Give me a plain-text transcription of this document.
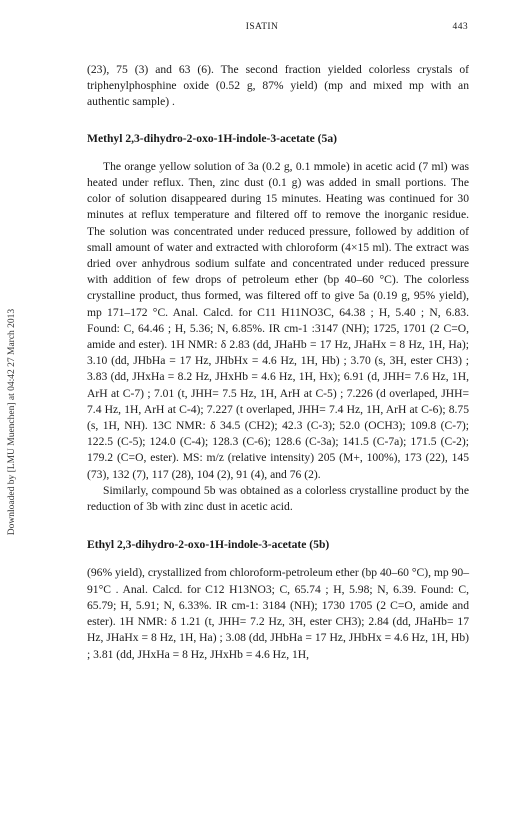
ISATIN	443
Downloaded by [LMU Muenchen] at 04:42 27 March 2013

(23), 75 (3) and 63 (6). The second fraction yielded colorless crystals of triphenylphosphine oxide (0.52 g, 87% yield) (mp and mixed mp with an authentic sample) .

Methyl 2,3-dihydro-2-oxo-1H-indole-3-acetate (5a)

The orange yellow solution of 3a (0.2 g, 0.1 mmole) in acetic acid (7 ml) was heated under reflux. Then, zinc dust (0.1 g) was added in small portions. The color of solution disappeared during 15 minutes. Heating was continued for 30 minutes at reflux temperature and filtered off to remove the inorganic residue. The solution was concentrated under reduced pressure, followed by addition of small amount of water and extracted with chloroform (4×15 ml). The extract was dried over anhydrous sodium sulfate and concentrated under reduced pressure with addition of few drops of petroleum ether (bp 40–60 °C). The colorless crystalline product, thus formed, was filtered off to give 5a (0.19 g, 95% yield), mp 171–172 °C. Anal. Calcd. for C11 H11NO3C, 64.38 ; H, 5.40 ; N, 6.83. Found: C, 64.46 ; H, 5.36; N, 6.85%. IR cm-1 :3147 (NH); 1725, 1701 (2 C=O, amide and ester). 1H NMR: δ 2.83 (dd, JHaHb = 17 Hz, JHaHx = 8 Hz, 1H, Ha); 3.10 (dd, JHbHa = 17 Hz, JHbHx = 4.6 Hz, 1H, Hb) ; 3.70 (s, 3H, ester CH3) ; 3.83 (dd, JHxHa = 8.2 Hz, JHxHb = 4.6 Hz, 1H, Hx); 6.91 (d, JHH= 7.6 Hz, 1H, ArH at C-7) ; 7.01 (t, JHH= 7.5 Hz, 1H, ArH at C-5) ; 7.226 (d overlaped, JHH= 7.4 Hz, 1H, ArH at C-4); 7.227 (t overlaped, JHH= 7.4 Hz, 1H, ArH at C-6); 8.75 (s, 1H, NH). 13C NMR: δ 34.5 (CH2); 42.3 (C-3); 52.0 (OCH3); 109.8 (C-7); 122.5 (C-5); 124.0 (C-4); 128.3 (C-6); 128.6 (C-3a); 141.5 (C-7a); 171.5 (C-2); 179.2 (C=O, ester). MS: m/z (relative intensity) 205 (M+, 100%), 173 (22), 145 (73), 132 (7), 117 (28), 104 (2), 91 (4), and 76 (2).

Similarly, compound 5b was obtained as a colorless crystalline product by the reduction of 3b with zinc dust in acetic acid.

Ethyl 2,3-dihydro-2-oxo-1H-indole-3-acetate (5b)

(96% yield), crystallized from chloroform-petroleum ether (bp 40–60 °C), mp 90–91°C . Anal. Calcd. for C12 H13NO3; C, 65.74 ; H, 5.98; N, 6.39. Found: C, 65.79; H, 5.91; N, 6.33%. IR cm-1: 3184 (NH); 1730 1705 (2 C=O, amide and ester). 1H NMR: δ 1.21 (t, JHH= 7.2 Hz, 3H, ester CH3); 2.84 (dd, JHaHb= 17 Hz, JHaHx = 8 Hz, 1H, Ha) ; 3.08 (dd, JHbHa = 17 Hz, JHbHx = 4.6 Hz, 1H, Hb) ; 3.81 (dd, JHxHa = 8 Hz, JHxHb = 4.6 Hz, 1H,
